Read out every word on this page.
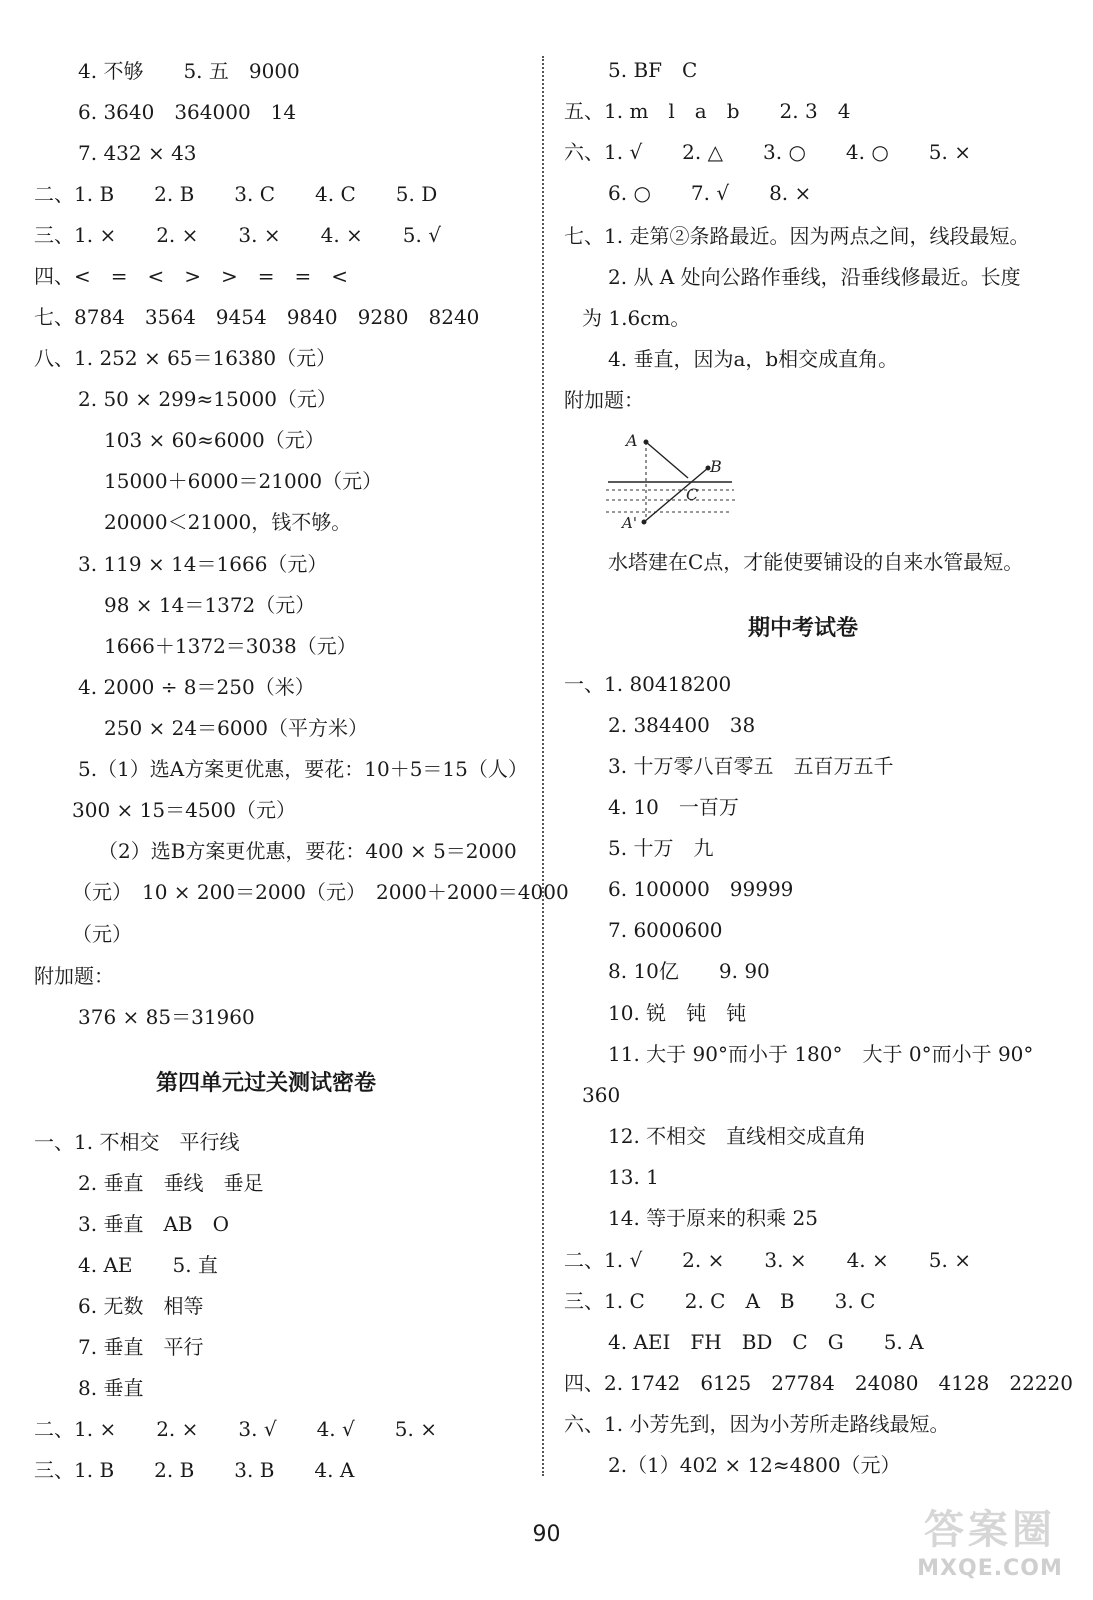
4. 不够　　5. 五　9000
6. 3640　364000　14
7. 432 × 43
二、1. B　　2. B　　3. C　　4. C　　5. D
三、1. ×　　2. ×　　3. ×　　4. ×　　5. √
四、<　=　<　>　>　=　=　<
七、8784　3564　9454　9840　9280　8240
八、1. 252 × 65＝16380（元）
2. 50 × 299≈15000（元）
103 × 60≈6000（元）
15000＋6000＝21000（元）
20000＜21000，钱不够。
3. 119 × 14＝1666（元）
98 × 14＝1372（元）
1666＋1372＝3038（元）
4. 2000 ÷ 8＝250（米）
250 × 24＝6000（平方米）
5.（1）选A方案更优惠，要花：10＋5＝15（人）
300 × 15＝4500（元）
（2）选B方案更优惠，要花：400 × 5＝2000
（元）　10 × 200＝2000（元）　2000＋2000＝4000
（元）
附加题：
376 × 85＝31960
第四单元过关测试密卷
一、1. 不相交　平行线
2. 垂直　垂线　垂足
3. 垂直　AB　O
4. AE　　5. 直
6. 无数　相等
7. 垂直　平行
8. 垂直
二、1. ×　　2. ×　　3. √　　4. √　　5. ×
三、1. B　　2. B　　3. B　　4. A
5. BF　C
五、1. m　l　a　b　　2. 3　4
六、1. √　　2. △　　3. ○　　4. ○　　5. ×
6. ○　　7. √　　8. ×
七、1. 走第②条路最近。因为两点之间，线段最短。
2. 从 A 处向公路作垂线，沿垂线修最近。长度
为 1.6cm。
4. 垂直，因为a，b相交成直角。
附加题：
A
B
C
A'
水塔建在C点，才能使要铺设的自来水管最短。
期中考试卷
一、1. 80418200
2. 384400　38
3. 十万零八百零五　五百万五千
4. 10　一百万
5. 十万　九
6. 100000　99999
7. 6000600
8. 10亿　　9. 90
10. 锐　钝　钝
11. 大于 90°而小于 180°　大于 0°而小于 90°
360
12. 不相交　直线相交成直角
13. 1
14. 等于原来的积乘 25
二、1. √　　2. ×　　3. ×　　4. ×　　5. ×
三、1. C　　2. C　A　B　　3. C
4. AEI　FH　BD　C　G　　5. A
四、2. 1742　6125　27784　24080　4128　22220
六、1. 小芳先到，因为小芳所走路线最短。
2.（1）402 × 12≈4800（元）
90	答案圈
MXQE.COM
